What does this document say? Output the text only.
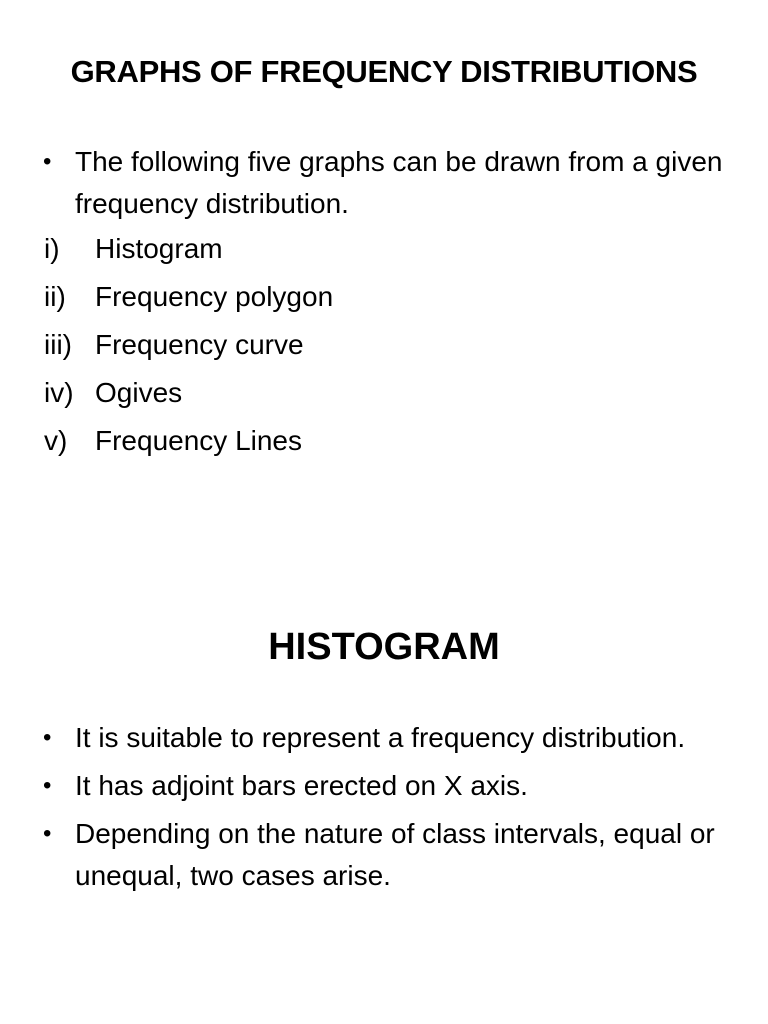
GRAPHS OF FREQUENCY DISTRIBUTIONS
• The following five graphs can be drawn from a given frequency distribution.
i) Histogram
ii) Frequency polygon
iii) Frequency curve
iv) Ogives
v) Frequency Lines
HISTOGRAM
• It is suitable to represent a frequency distribution.
• It has adjoint bars erected on X axis.
• Depending on the nature of class intervals, equal or unequal, two cases arise.
